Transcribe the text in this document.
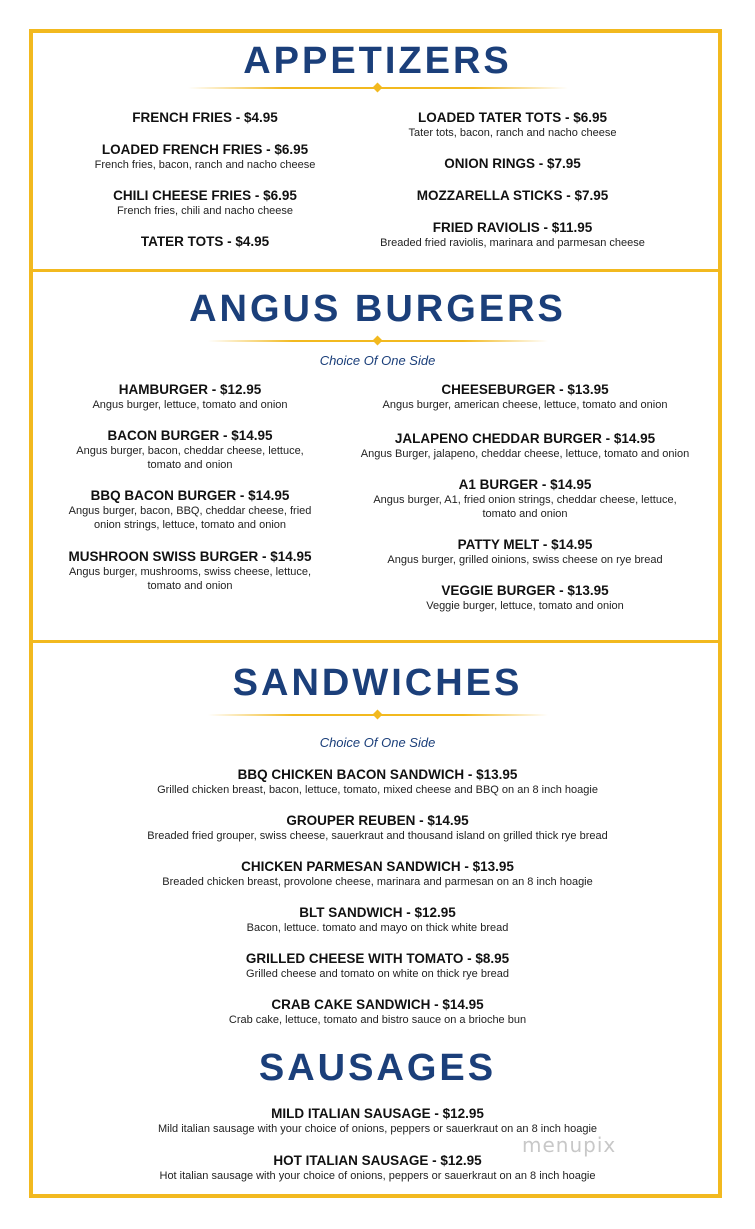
APPETIZERS
FRENCH FRIES - $4.95
LOADED FRENCH FRIES - $6.95
French fries, bacon, ranch and nacho cheese
CHILI CHEESE FRIES - $6.95
French fries, chili and nacho cheese
TATER TOTS - $4.95
LOADED TATER TOTS - $6.95
Tater tots, bacon, ranch and nacho cheese
ONION RINGS - $7.95
MOZZARELLA STICKS - $7.95
FRIED RAVIOLIS - $11.95
Breaded fried raviolis, marinara and parmesan cheese
ANGUS BURGERS
Choice Of One Side
HAMBURGER - $12.95
Angus burger, lettuce, tomato and onion
BACON BURGER - $14.95
Angus burger, bacon, cheddar cheese, lettuce, tomato and onion
BBQ BACON BURGER - $14.95
Angus burger, bacon, BBQ, cheddar cheese, fried onion strings, lettuce, tomato and onion
MUSHROON SWISS BURGER - $14.95
Angus burger, mushrooms, swiss cheese, lettuce, tomato and onion
CHEESEBURGER - $13.95
Angus burger, american cheese, lettuce, tomato and onion
JALAPENO CHEDDAR BURGER - $14.95
Angus Burger, jalapeno, cheddar cheese, lettuce, tomato and onion
A1 BURGER - $14.95
Angus burger, A1, fried onion strings, cheddar cheese, lettuce, tomato and onion
PATTY MELT - $14.95
Angus burger, grilled oinions, swiss cheese on rye bread
VEGGIE BURGER - $13.95
Veggie burger, lettuce, tomato and onion
SANDWICHES
Choice Of One Side
BBQ CHICKEN BACON SANDWICH - $13.95
Grilled chicken breast, bacon, lettuce, tomato, mixed cheese and BBQ on an 8 inch hoagie
GROUPER REUBEN - $14.95
Breaded fried grouper, swiss cheese, sauerkraut and thousand island on grilled thick rye bread
CHICKEN PARMESAN SANDWICH - $13.95
Breaded chicken breast, provolone cheese, marinara and parmesan on an 8 inch hoagie
BLT SANDWICH - $12.95
Bacon, lettuce. tomato and mayo on thick white bread
GRILLED CHEESE WITH TOMATO - $8.95
Grilled cheese and tomato on white on thick rye bread
CRAB CAKE SANDWICH - $14.95
Crab cake, lettuce, tomato and bistro sauce on a brioche bun
SAUSAGES
MILD ITALIAN SAUSAGE - $12.95
Mild italian sausage with your choice of onions, peppers or sauerkraut on an 8 inch hoagie
HOT ITALIAN SAUSAGE - $12.95
Hot italian sausage with your choice of onions, peppers or sauerkraut on an 8 inch hoagie
menupix
